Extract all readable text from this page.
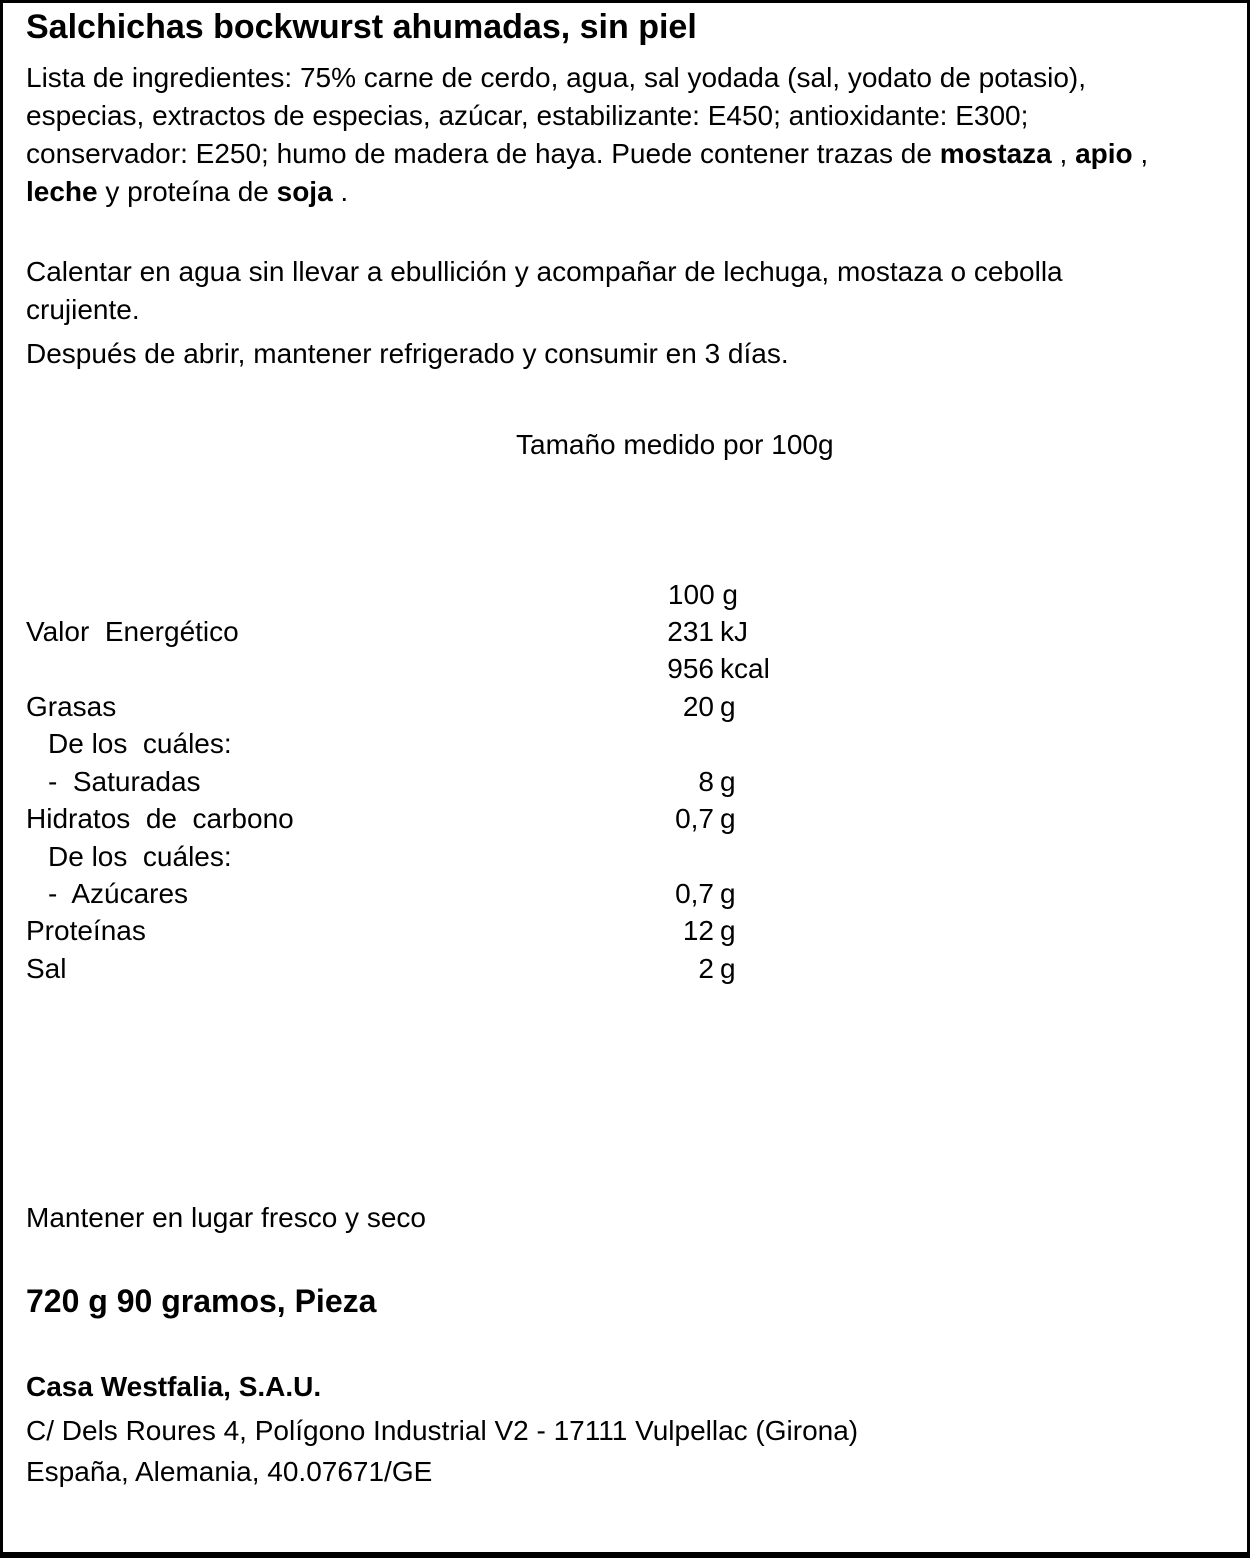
Salchichas bockwurst ahumadas, sin piel
Lista de ingredientes: 75% carne de cerdo, agua, sal yodada (sal, yodato de potasio), especias, extractos de especias, azúcar, estabilizante: E450; antioxidante: E300; conservador: E250; humo de madera de haya. Puede contener trazas de mostaza , apio , leche y proteína de soja .
Calentar en agua sin llevar a ebullición y acompañar de lechuga, mostaza o cebolla crujiente.
Después de abrir, mantener refrigerado y consumir en 3 días.
Tamaño medido por 100g
100 g
Valor  Energético	231 kJ
956 kcal
Grasas	20 g
De los  cuáles:
-  Saturadas	8 g
Hidratos  de  carbono	0,7 g
De los  cuáles:
-  Azúcares	0,7 g
Proteínas	12 g
Sal	2 g
Mantener en lugar fresco y seco
720 g 90 gramos, Pieza
Casa Westfalia, S.A.U.
C/ Dels Roures 4, Polígono Industrial V2 - 17111 Vulpellac (Girona)
España, Alemania, 40.07671/GE
